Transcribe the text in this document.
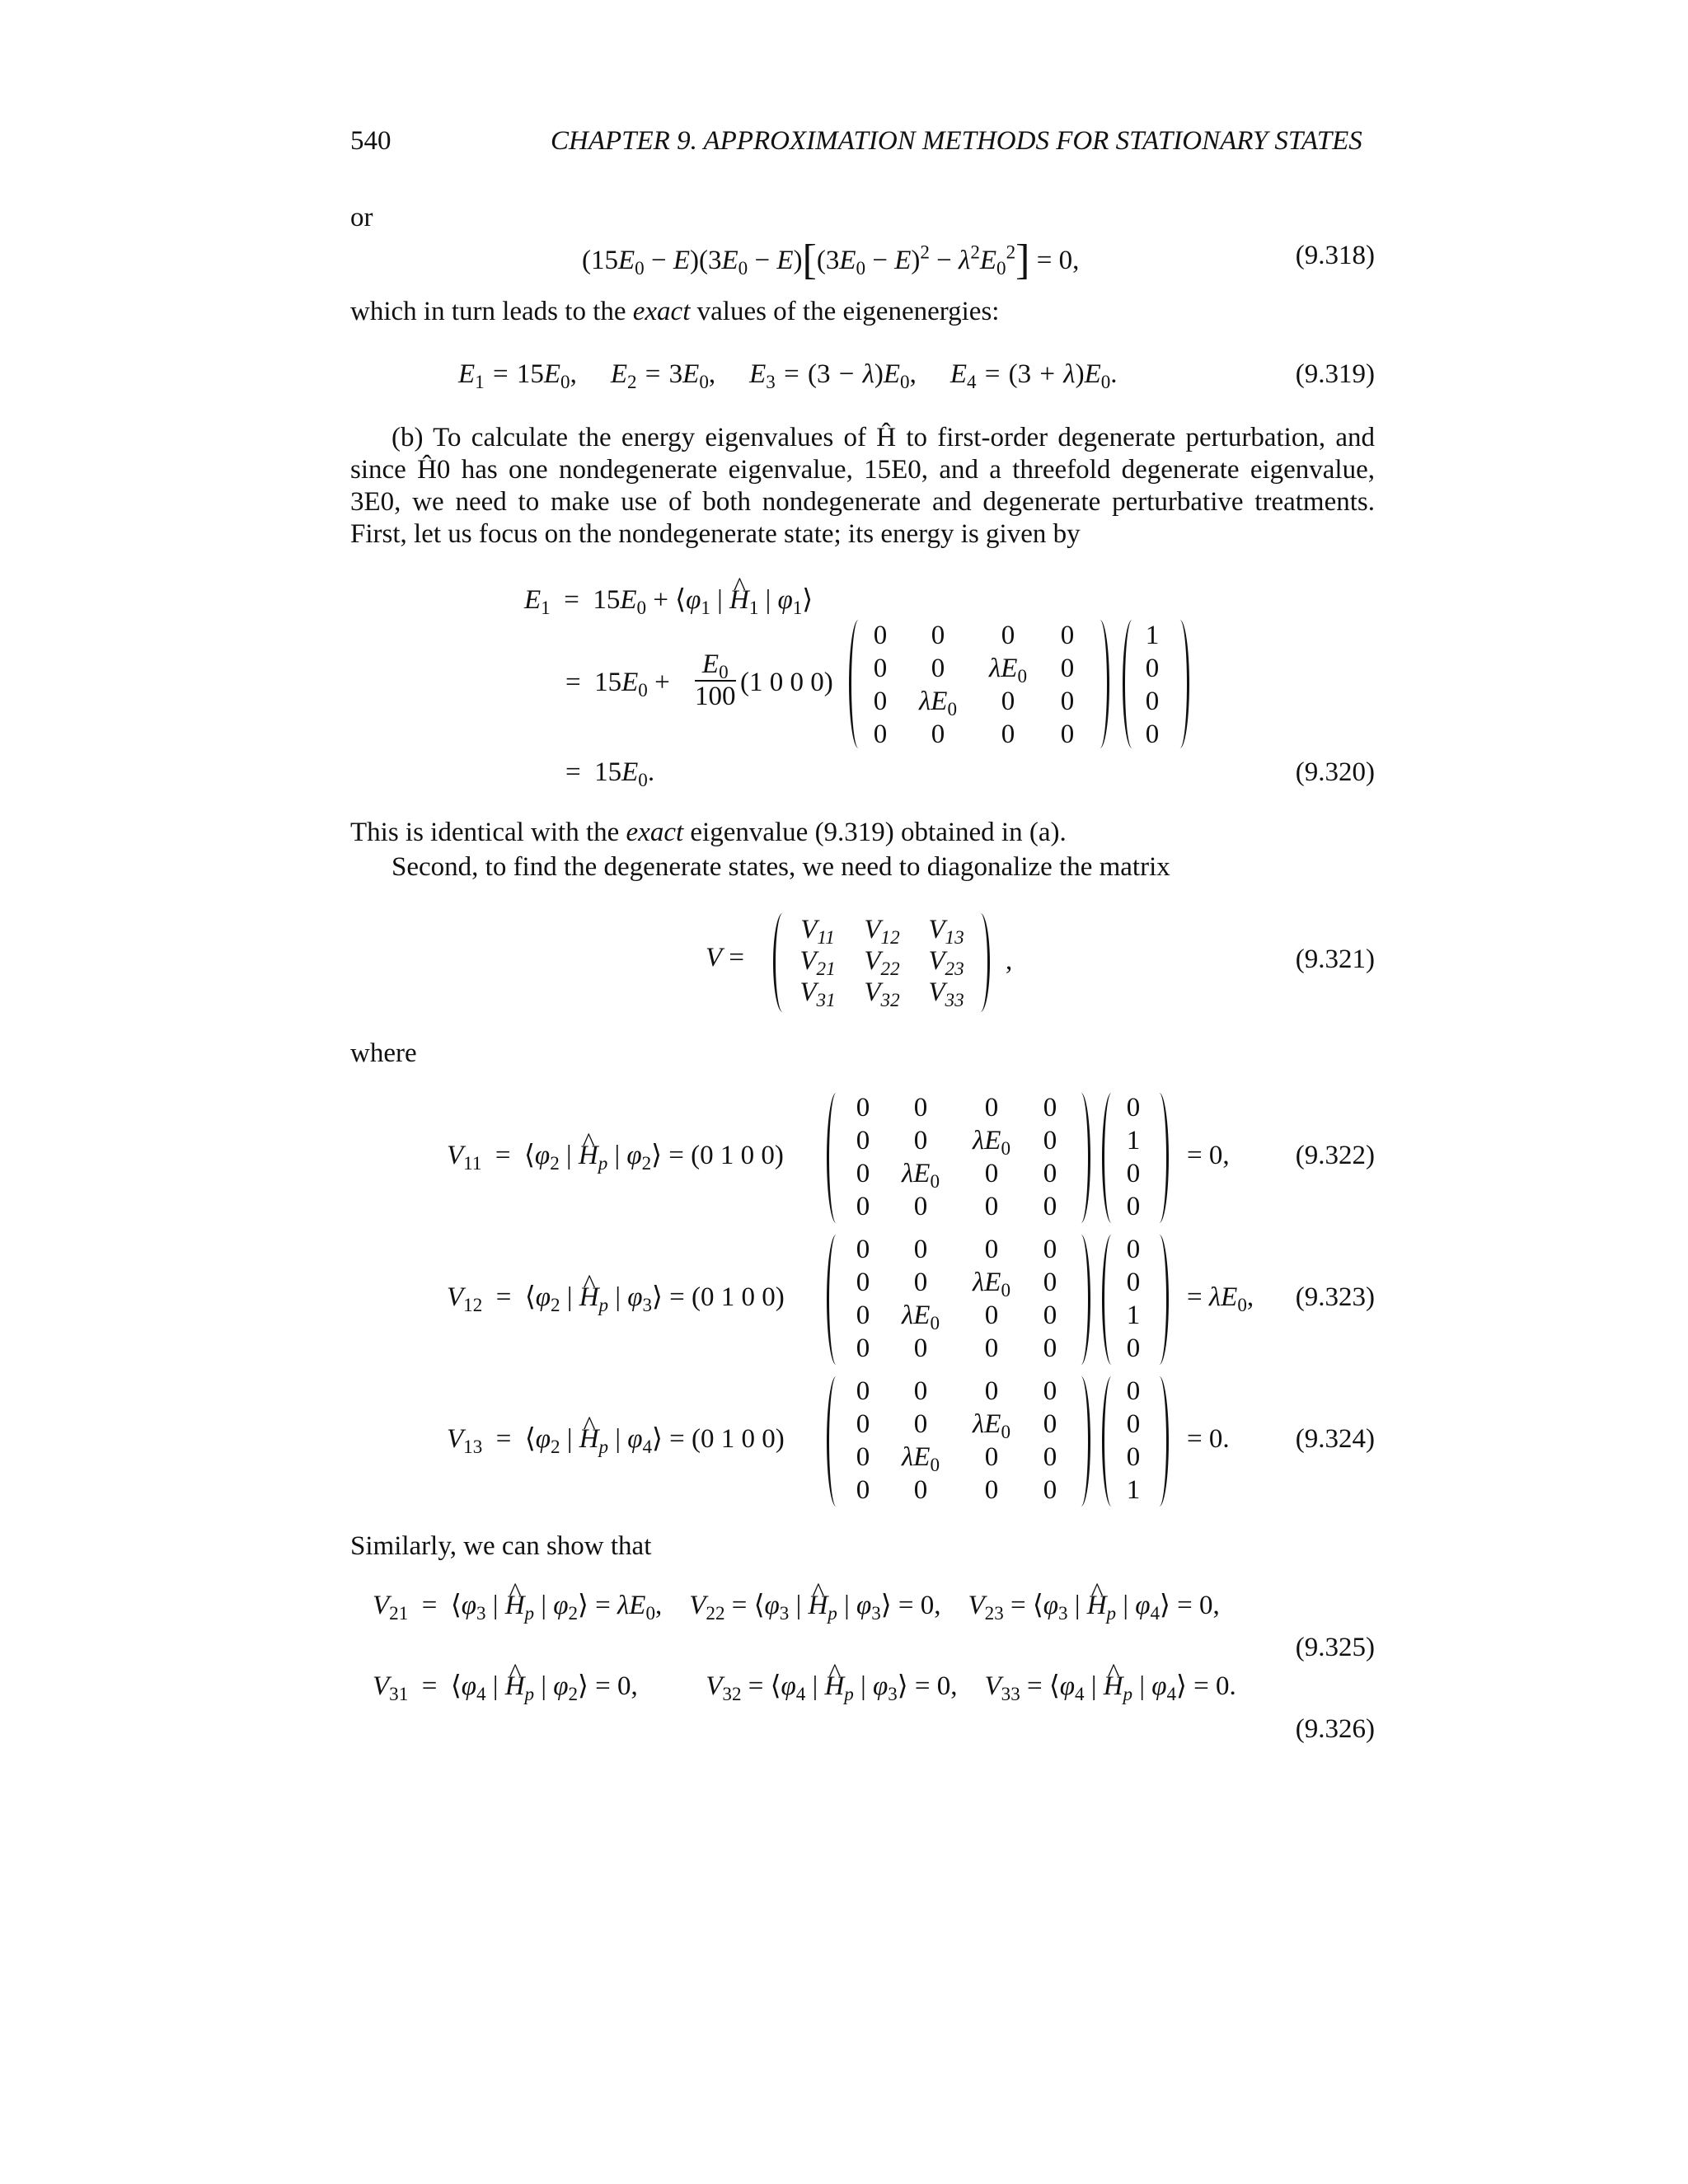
540	CHAPTER 9. APPROXIMATION METHODS FOR STATIONARY STATES
or
$(15E_0 - E)(3E_0 - E)[(3E_0 - E)^2 - \lambda^2E_0^2] = 0$,	(9.318)
which in turn leads to the exact values of the eigenenergies:
$E_1 = 15E_0$,    $E_2 = 3E_0$,    $E_3 = (3 - \lambda)E_0$,    $E_4 = (3 + \lambda)E_0$.	(9.319)
(b) To calculate the energy eigenvalues of Ĥ to first-order degenerate perturbation, and since Ĥ0 has one nondegenerate eigenvalue, 15E0, and a threefold degenerate eigenvalue, 3E0, we need to make use of both nondegenerate and degenerate perturbative treatments. First, let us focus on the nondegenerate state; its energy is given by
$E_1 = 15E_0$ + $⟨\varphi_1$ | ^ $H_1$ | $\varphi_1⟩$
=  $15E_0 + \frac{E_0}{100} (1$ 0 0 0)
0 0 0 0
0 0 $\lambda E_0$ 0
0 $\lambda E_0$ 0 0
0 0 0 0
1
0
0
0
=  $15E_0$.	(9.320)
This is identical with the exact eigenvalue (9.319) obtained in (a).
Second, to find the degenerate states, we need to diagonalize the matrix
V =
$V_{11}$ $V_{12}$ $V_{13}$
$V_{21}$ $V_{22}$ $V_{23}$
$V_{31}$ $V_{32}$ $V_{33}$
,	(9.321)
where
$V_{11}$  =  $⟨\varphi_2$ | ^ $H_p$ | $\varphi_2⟩ = (0$ 1 0 0)
0 0 0 0
0 0 $\lambda E_0$ 0
0 $\lambda E_0$ 0 0
0 0 0 0
0
1
0
0
= 0, (9.322)
$V_{12}$  =  $⟨\varphi_2$ | ^ $H_p$ | $\varphi_3⟩ = (0$ 1 0 0)
0 0 0 0
0 0 $\lambda E_0$ 0
0 $\lambda E_0$ 0 0
0 0 0 0
0
0
1
0
= $\lambda E_0$, (9.323)
$V_{13}$  =  $⟨\varphi_2$ | ^ $H_p$ | $\varphi_4⟩ = (0$ 1 0 0)
0 0 0 0
0 0 $\lambda E_0$ 0
0 $\lambda E_0$ 0 0
0 0 0 0
0
0
0
1
= 0. (9.324)
Similarly, we can show that
$V_{21}$  =  $⟨\varphi_3$ | ^ $H_p$ | $\varphi_2⟩ = \lambda E_0$,    $V_{22}$ = $⟨\varphi_3$ | ^ $H_p$ | $\varphi_3⟩ = 0$,    $V_{23}$ = $⟨\varphi_3$ | ^ $H_p$ | $\varphi_4⟩ = 0$,
(9.325)
$V_{31}$  =  $⟨\varphi_4$ | ^ $H_p$ | $\varphi_2⟩ = 0$,          $V_{32}$ = $⟨\varphi_4$ | ^ $H_p$ | $\varphi_3⟩ = 0$,    $V_{33}$ = $⟨\varphi_4$ | ^ $H_p$ | $\varphi_4⟩ = 0$.
(9.326)
